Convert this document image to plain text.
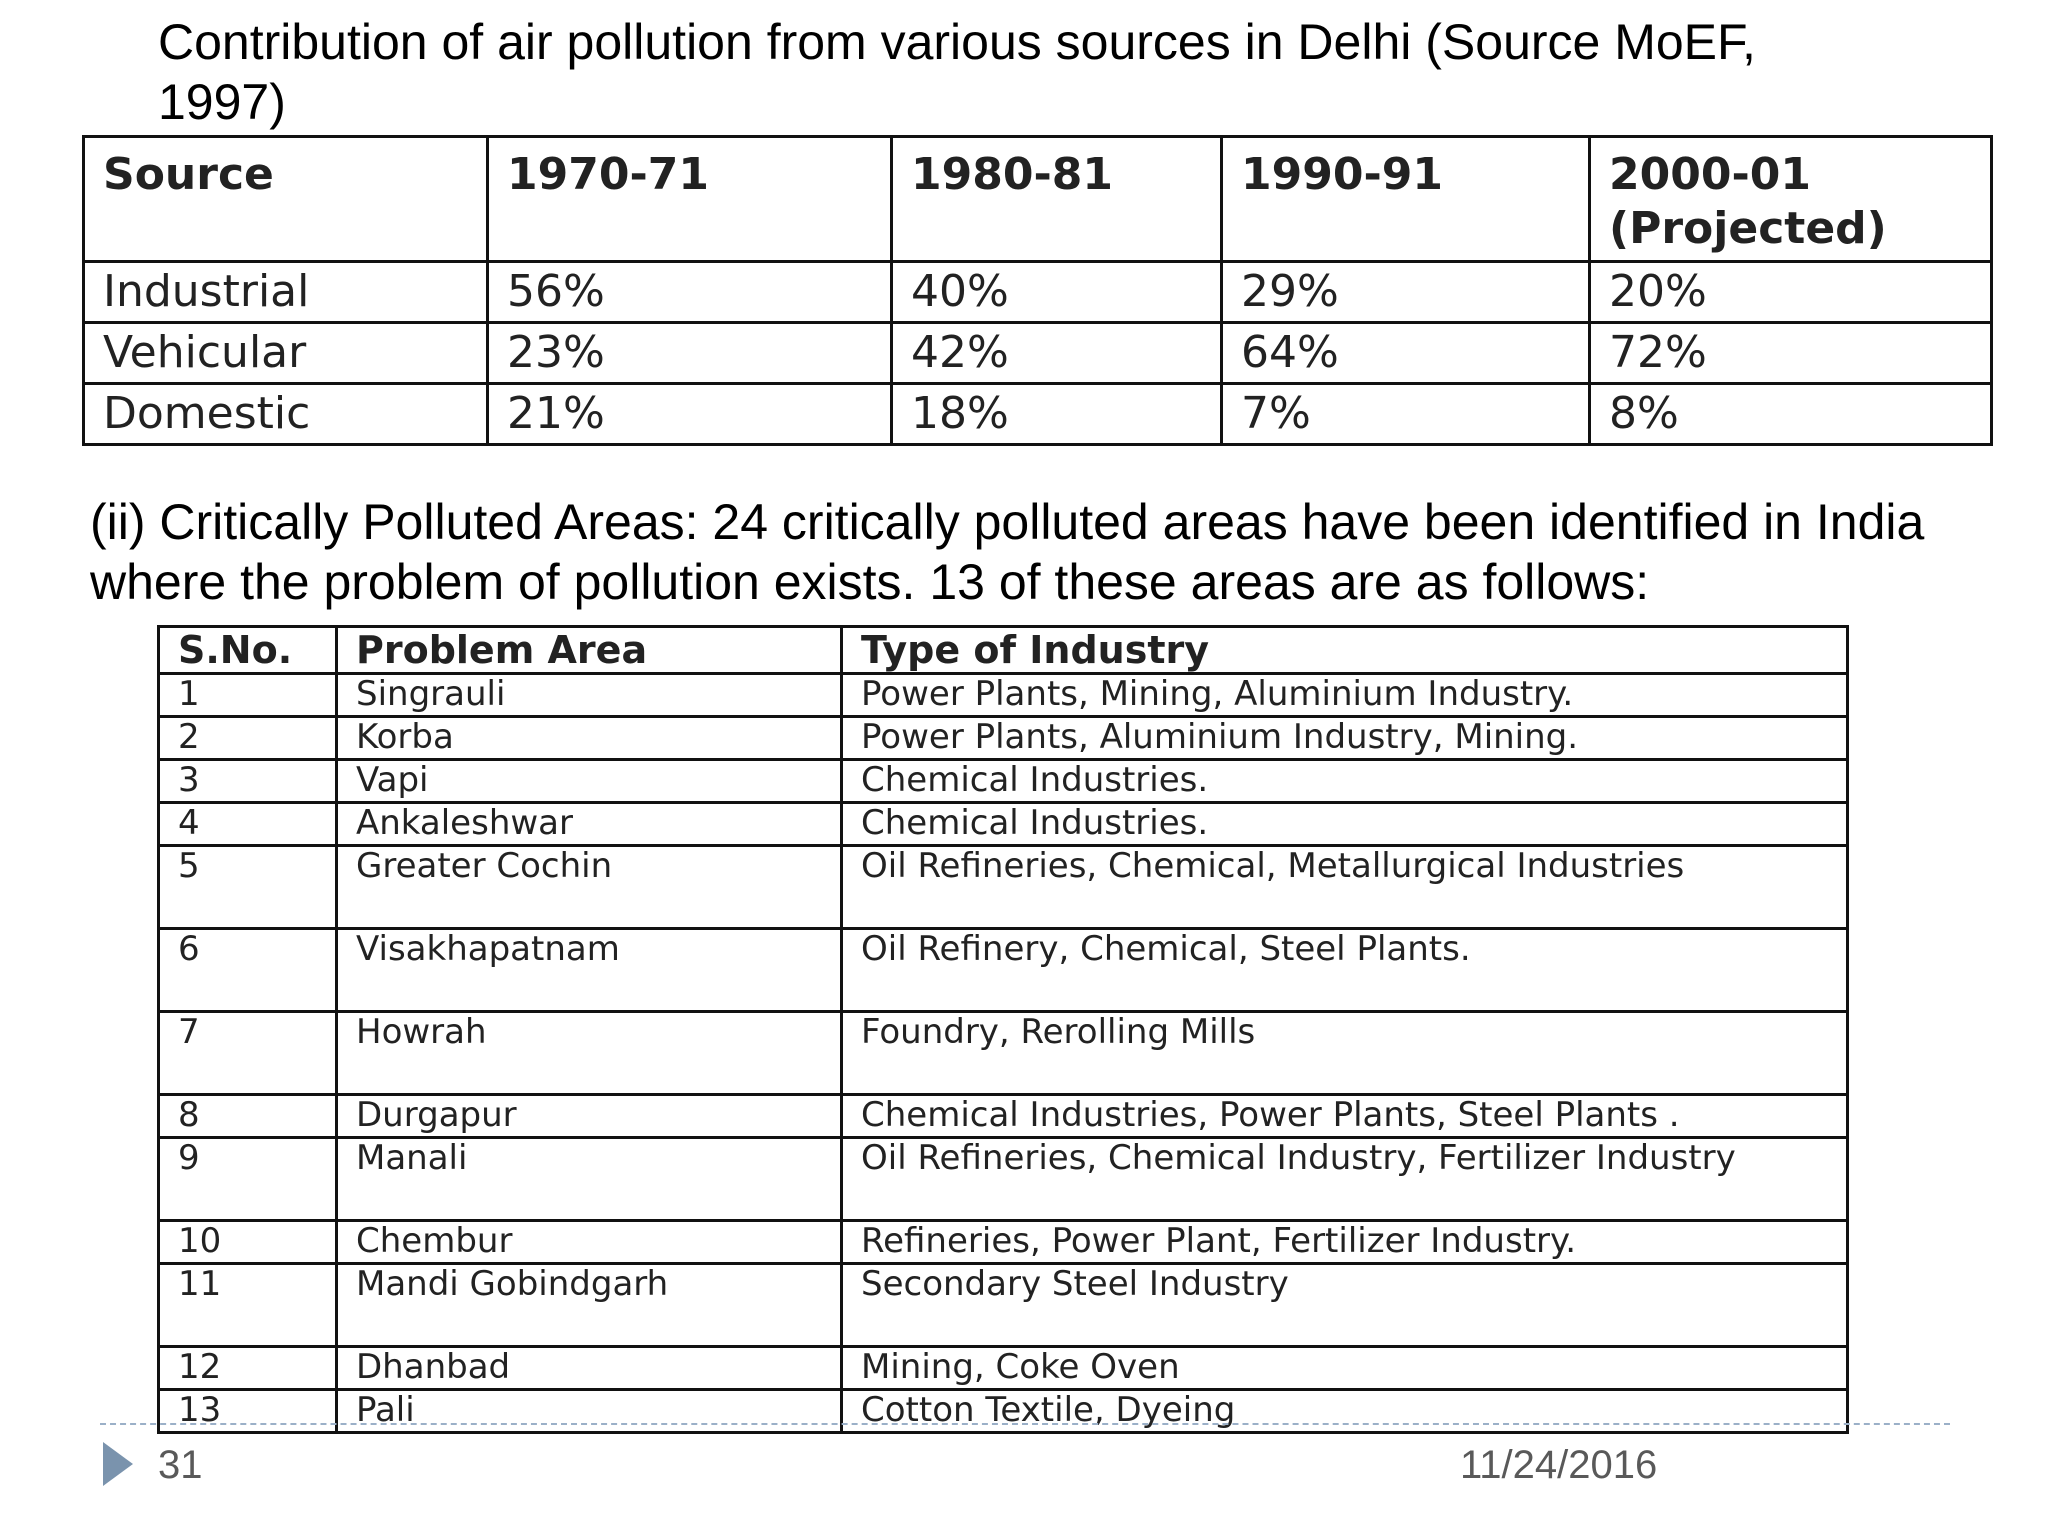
Contribution of air pollution from various sources in Delhi (Source MoEF, 1997)
Source	1970-71	1980-81	1990-91	2000-01 (Projected)
Industrial	56%	40%	29%	20%
Vehicular	23%	42%	64%	72%
Domestic	21%	18%	7%	8%

(ii) Critically Polluted Areas: 24 critically polluted areas have been identified in India where the problem of pollution exists. 13 of these areas are as follows:

S.No.	Problem Area	Type of Industry
1	Singrauli	Power Plants, Mining, Aluminium Industry.
2	Korba	Power Plants, Aluminium Industry, Mining.
3	Vapi	Chemical Industries.
4	Ankaleshwar	Chemical Industries.
5	Greater Cochin	Oil Refineries, Chemical, Metallurgical Industries
6	Visakhapatnam	Oil Refinery, Chemical, Steel Plants.
7	Howrah	Foundry, Rerolling Mills
8	Durgapur	Chemical Industries, Power Plants, Steel Plants .
9	Manali	Oil Refineries, Chemical Industry, Fertilizer Industry
10	Chembur	Refineries, Power Plant, Fertilizer Industry.
11	Mandi Gobindgarh	Secondary Steel Industry
12	Dhanbad	Mining, Coke Oven
13	Pali	Cotton Textile, Dyeing
31	11/24/2016
